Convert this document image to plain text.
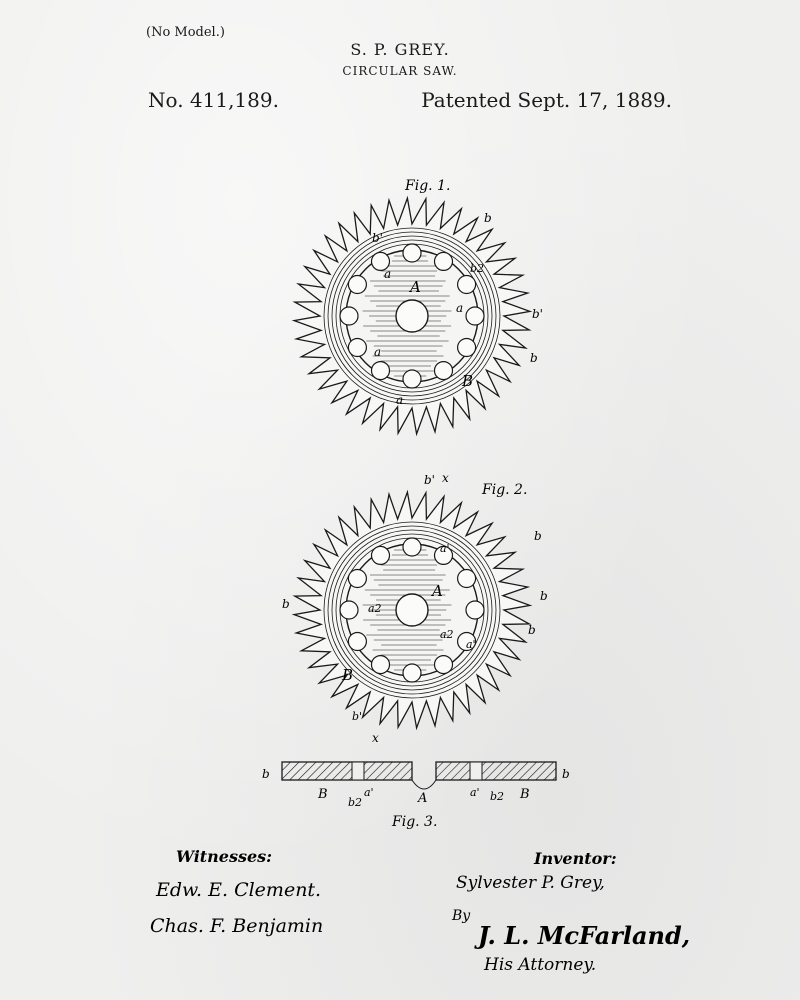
(No Model.)
S. P. GREY.
CIRCULAR SAW.
No. 411,189.	Patented Sept. 17, 1889.
Fig. 1.
A
B
b
b
b'
b'
b2
a
a
a
a
Fig. 2.
A
B
b' x
x
b
b
b
b
b'
a2
a2
a'
a'
b	b
B	B
A
a'	a'
b2	b2
Fig. 3.
Witnesses:
Edw. E. Clement.
Chas. F. Benjamin
Inventor:
Sylvester P. Grey,
By
J. L. McFarland,
His Attorney.
